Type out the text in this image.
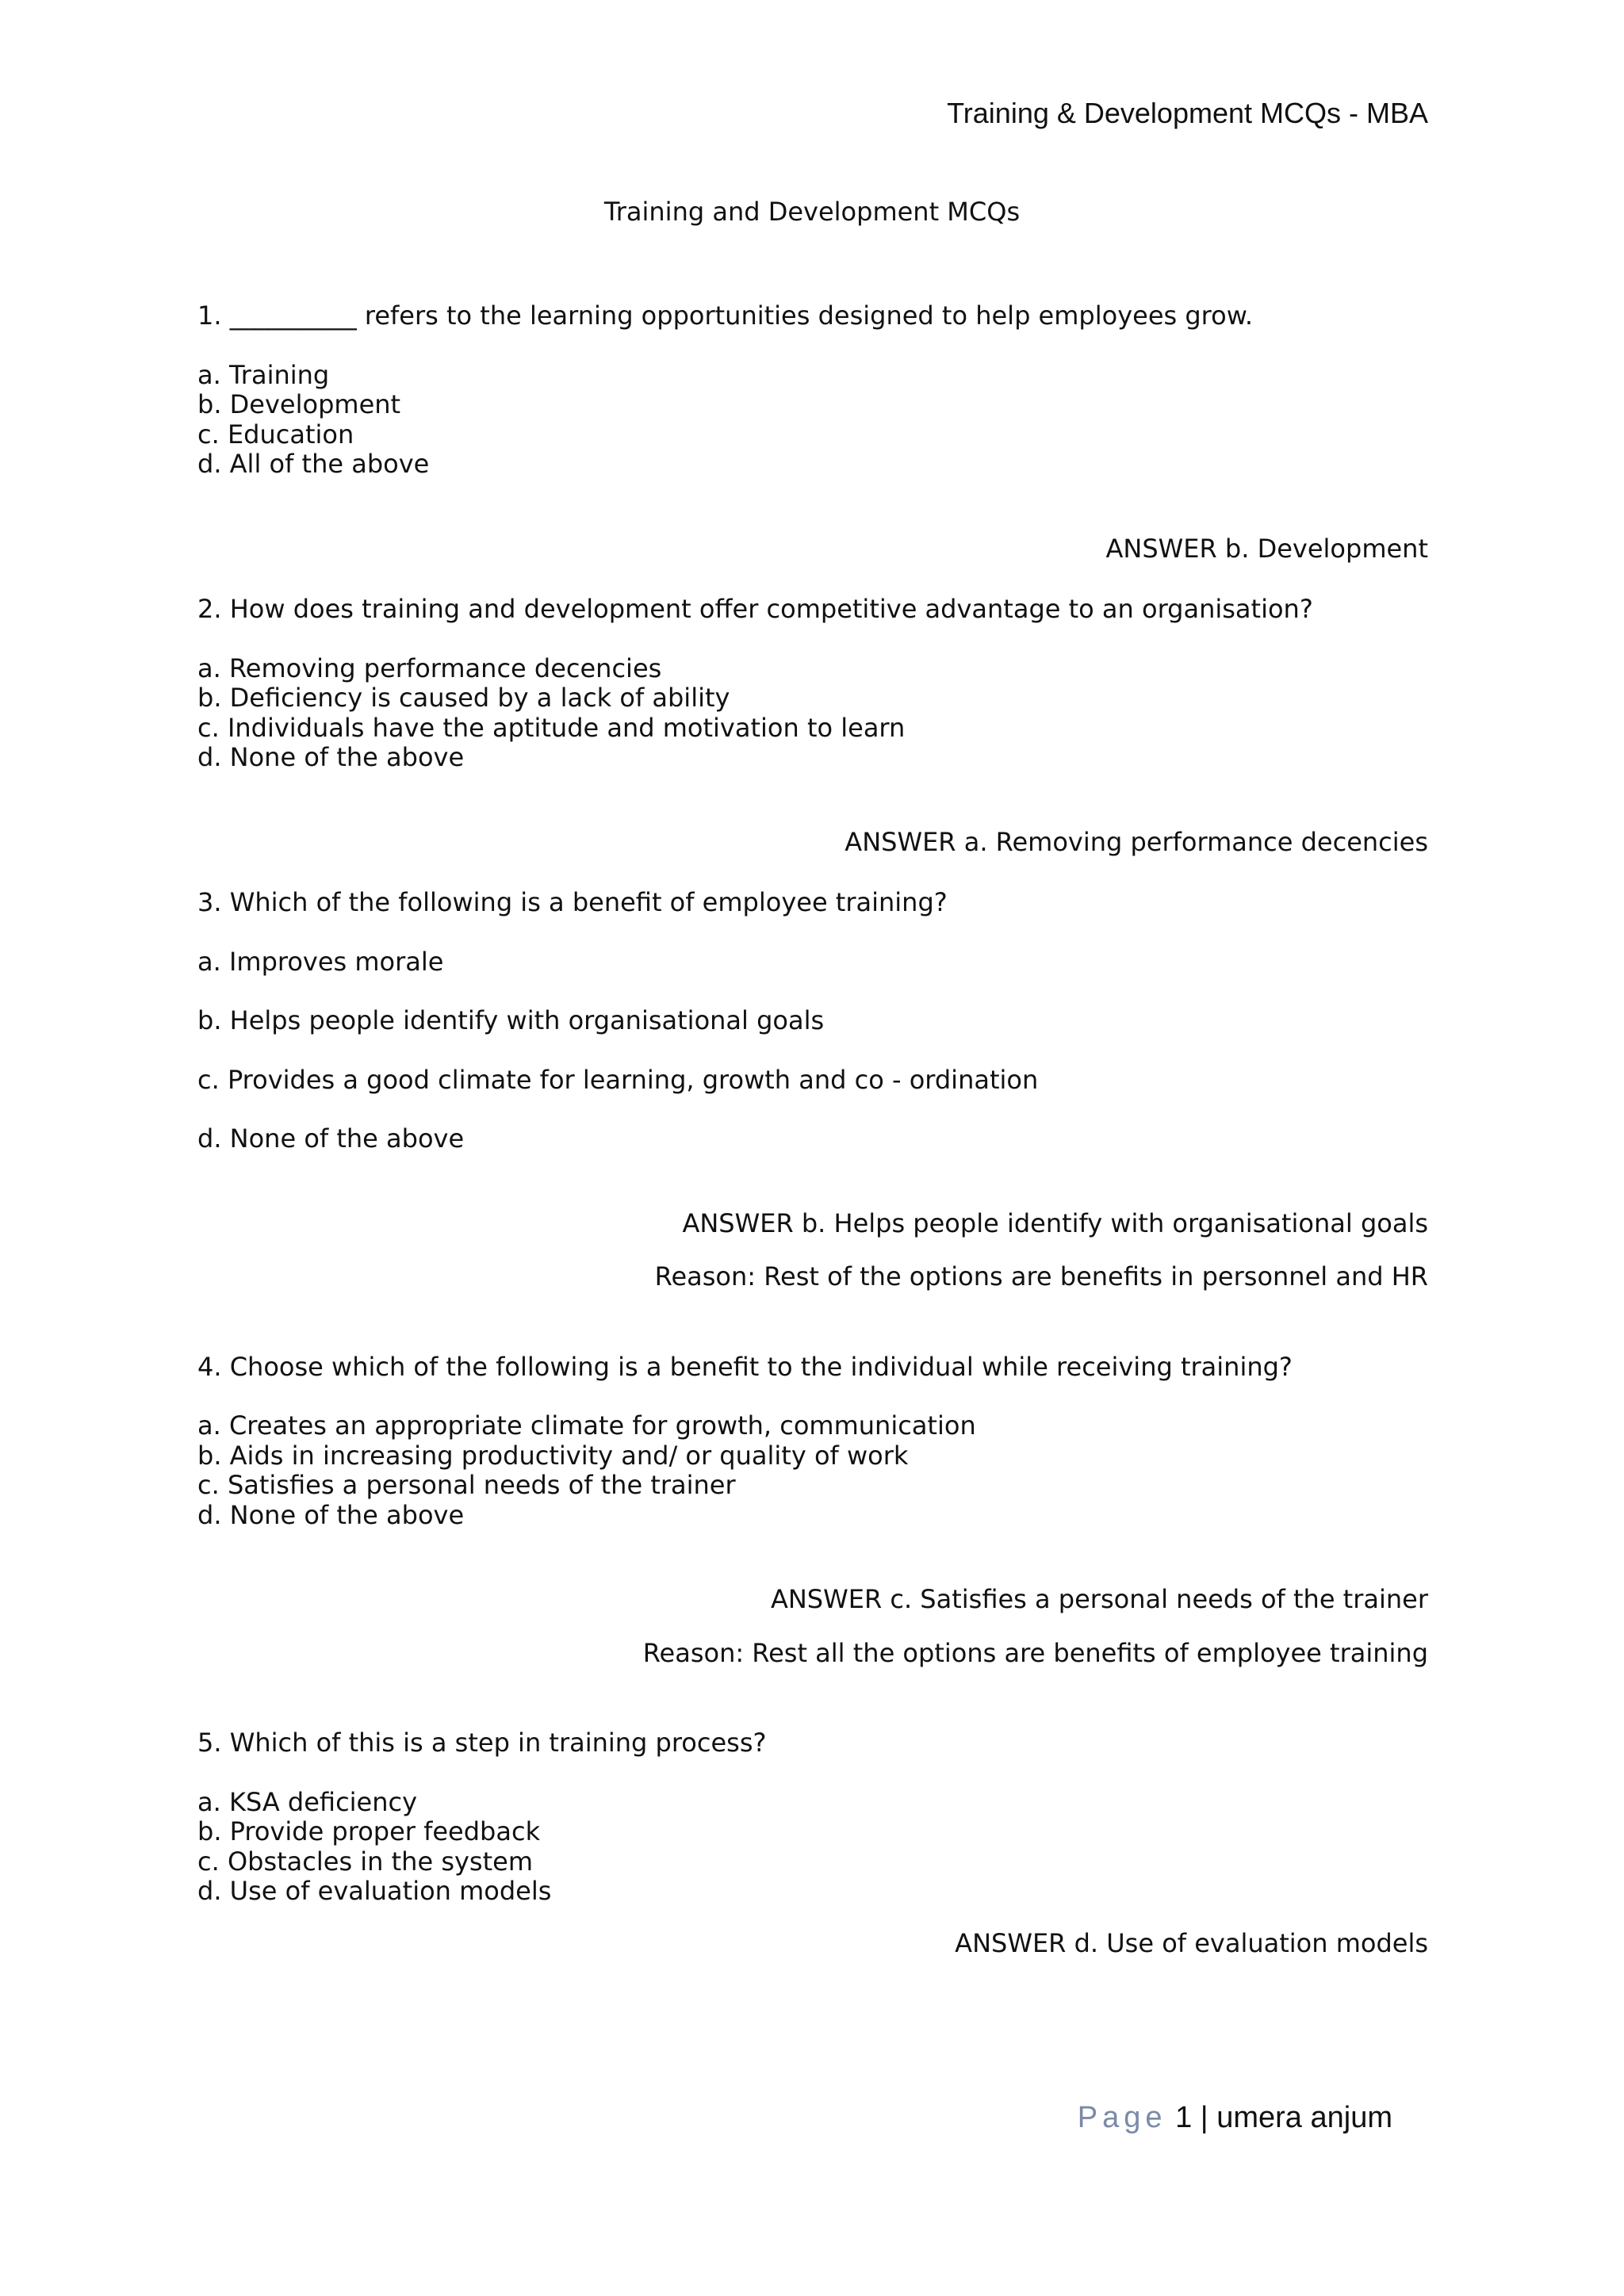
Training & Development MCQs - MBA
Training and Development MCQs
1. __________ refers to the learning opportunities designed to help employees grow.
a. Training
b. Development
c. Education
d. All of the above
ANSWER b. Development
2. How does training and development offer competitive advantage to an organisation?
a. Removing performance decencies
b. Deficiency is caused by a lack of ability
c. Individuals have the aptitude and motivation to learn
d. None of the above
ANSWER a. Removing performance decencies
3. Which of the following is a benefit of employee training?
a. Improves morale
b. Helps people identify with organisational goals
c. Provides a good climate for learning, growth and co - ordination
d. None of the above
ANSWER b. Helps people identify with organisational goals
Reason: Rest of the options are benefits in personnel and HR
4. Choose which of the following is a benefit to the individual while receiving training?
a. Creates an appropriate climate for growth, communication
b. Aids in increasing productivity and/ or quality of work
c. Satisfies a personal needs of the trainer
d. None of the above
ANSWER c. Satisfies a personal needs of the trainer
Reason: Rest all the options are benefits of employee training
5. Which of this is a step in training process?
a. KSA deficiency
b. Provide proper feedback
c. Obstacles in the system
d. Use of evaluation models
ANSWER d. Use of evaluation models
Page 1 | umera anjum
